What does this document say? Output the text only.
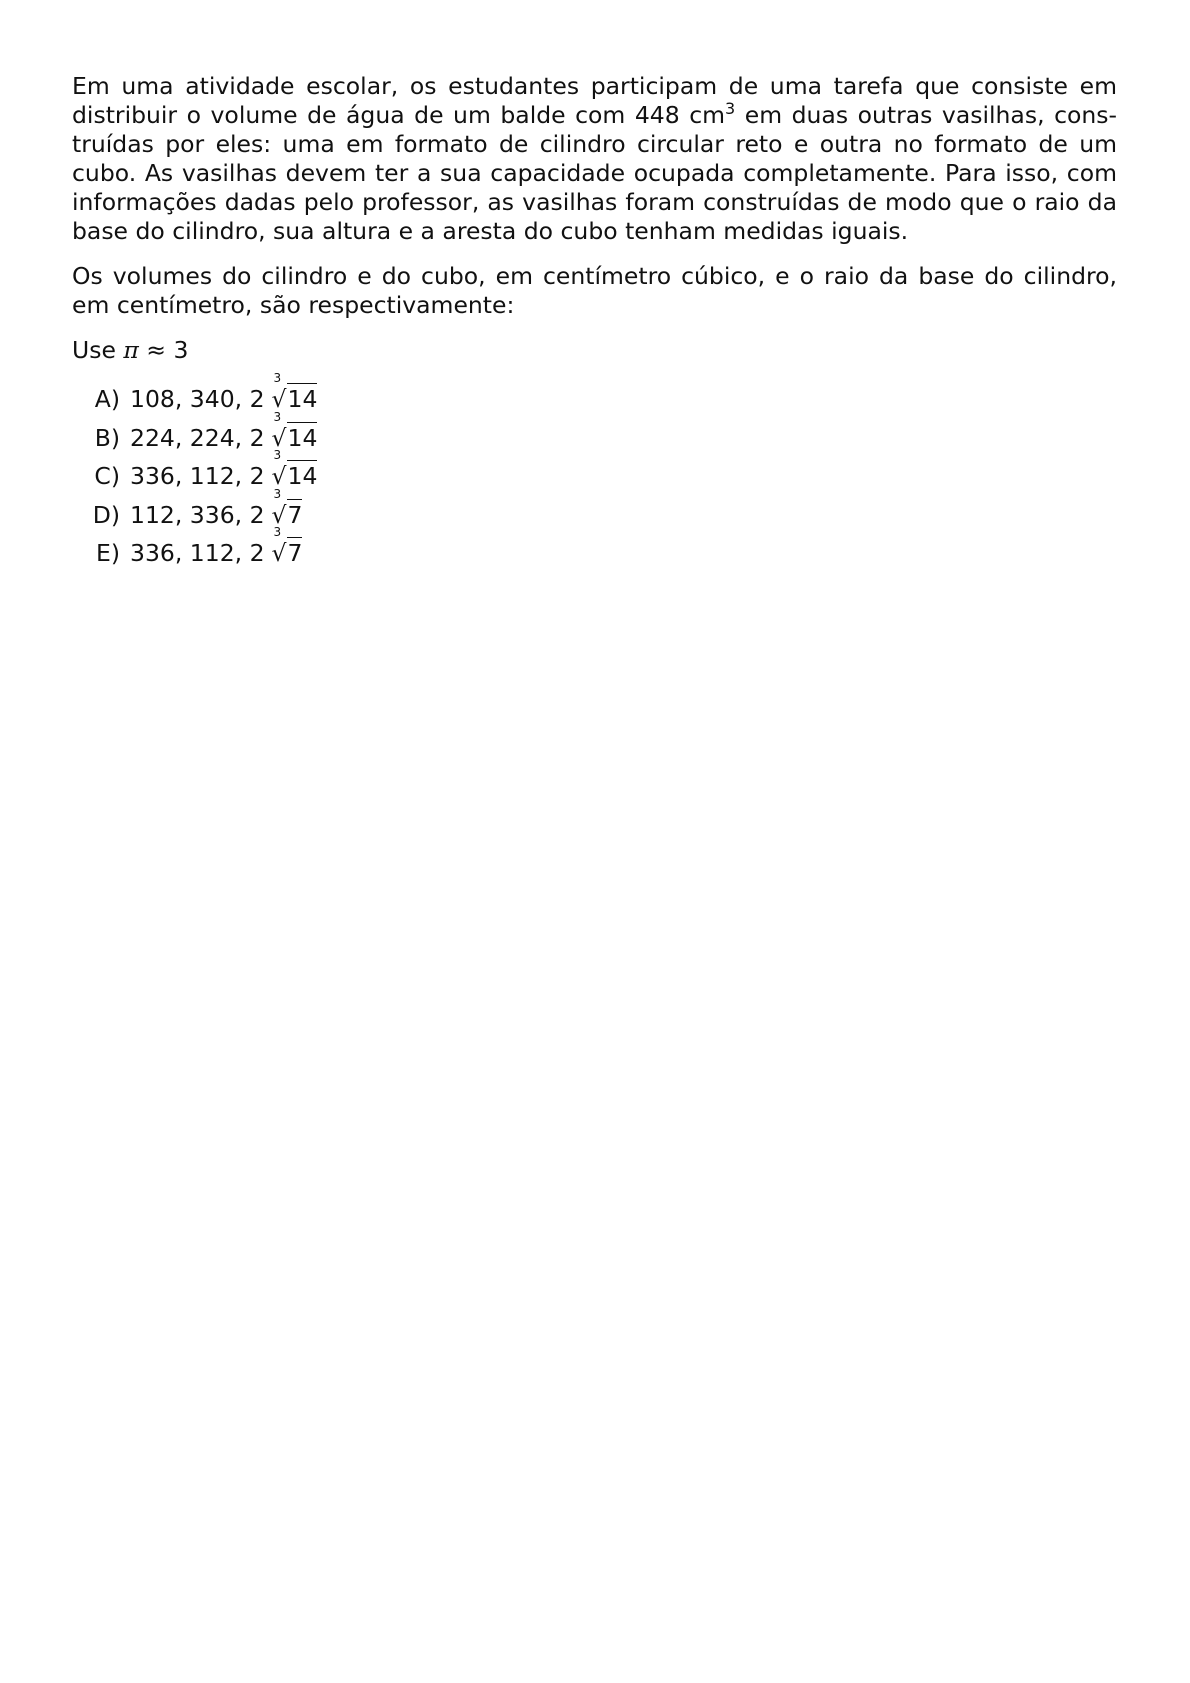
Em uma atividade escolar, os estudantes participam de uma tarefa que consiste em distribuir o volume de água de um balde com 448 $cm^3$ em duas outras vasilhas, cons-truídas por eles: uma em formato de cilindro circular reto e outra no formato de um cubo. As vasilhas devem ter a sua capacidade ocupada completamente. Para isso, com informações dadas pelo professor, as vasilhas foram construídas de modo que o raio da base do cilindro, sua altura e a aresta do cubo tenham medidas iguais.

Os volumes do cilindro e do cubo, em centímetro cúbico, e o raio da base do cilindro, em centímetro, são respectivamente:

Use π ≈ 3

A) 108, 340, 2
3
√14
B) 224, 224, 2
3
√14
C) 336, 112, 2
3
√14
D) 112, 336, 2
3
√7
E) 336, 112, 2
3
√7
